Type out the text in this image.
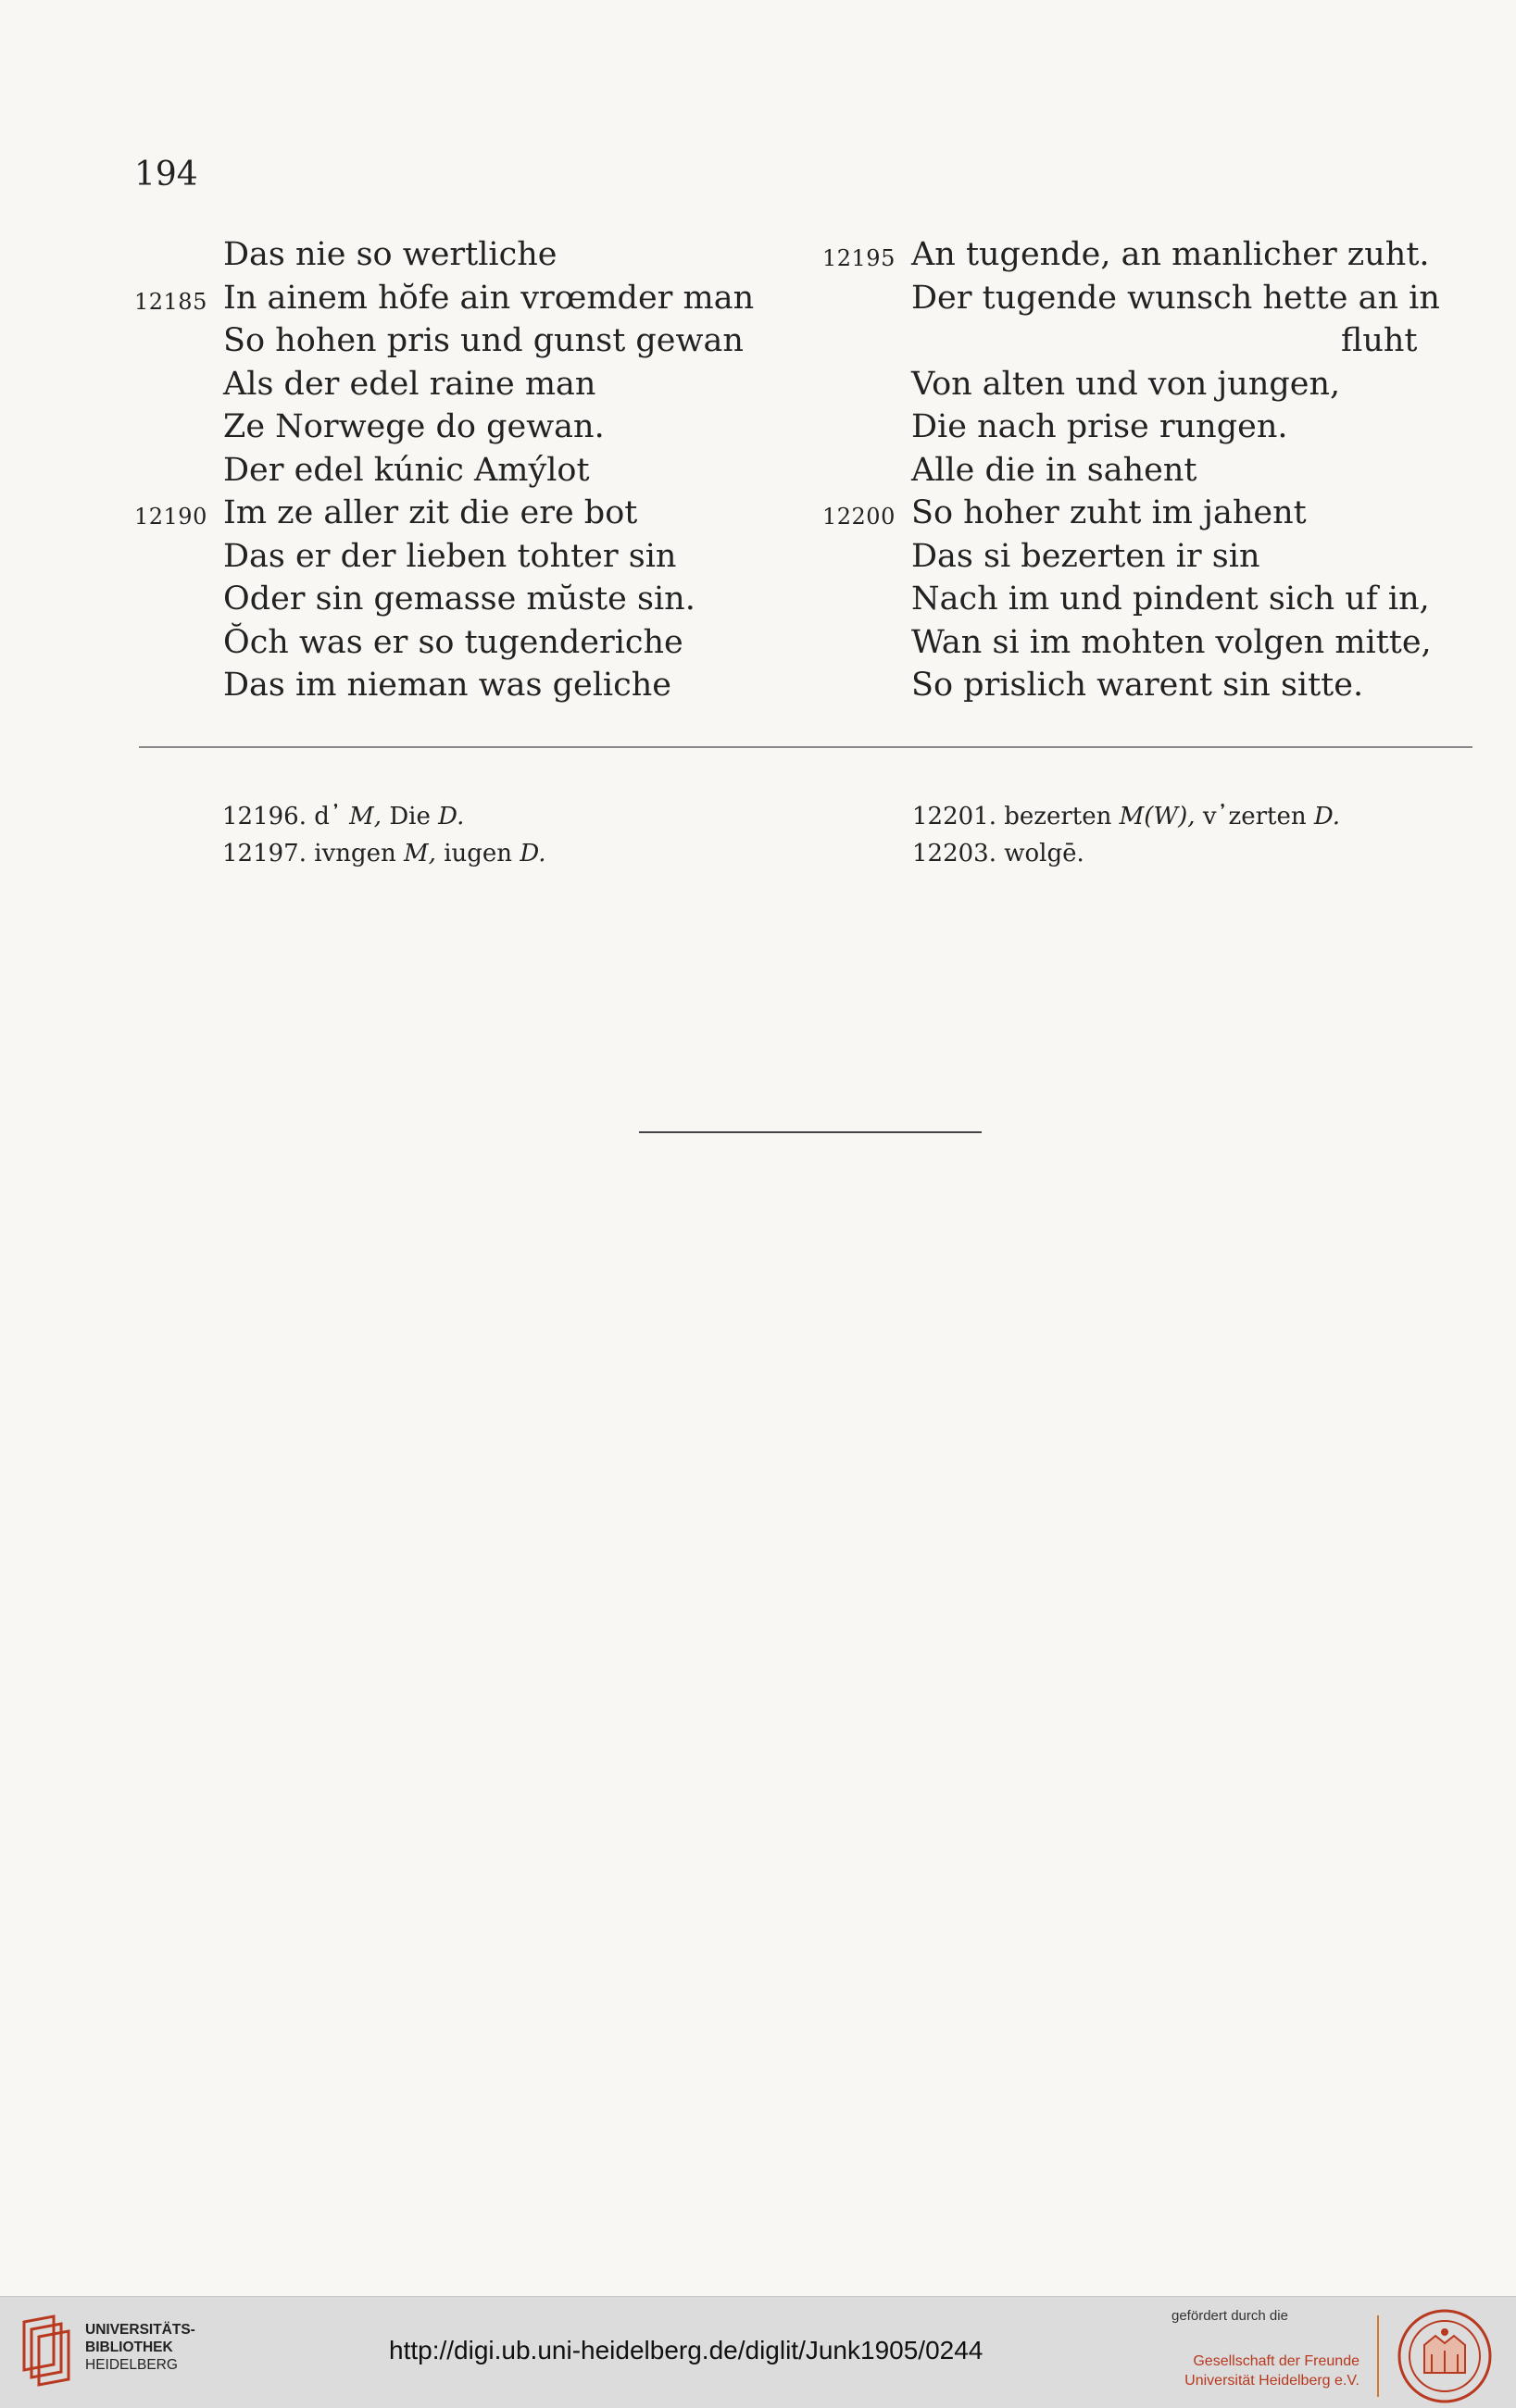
194
Das nie so wertliche
12185 In ainem hŏfe ain vrœmder man
So hohen pris und gunst gewan
Als der edel raine man
Ze Norwege do gewan.
Der edel kúnic Amýlot
12190 Im ze aller zit die ere bot
Das er der lieben tohter sin
Oder sin gemasse mŭste sin.
Ŏch was er so tugenderiche
Das im nieman was geliche
12195 An tugende, an manlicher zuht.
Der tugende wunsch hette an in
fluht
Von alten und von jungen,
Die nach prise rungen.
Alle die in sahent
12200 So hoher zuht im jahent
Das si bezerten ir sin
Nach im und pindent sich uf in,
Wan si im mohten volgen mitte,
So prislich warent sin sitte.
12196. d᾽ M, Die D.
12197. ivngen M, iugen D.
12201. bezerten M(W), v᾽zerten D.
12203. wolgē.
UNIVERSITÄTS-
BIBLIOTHEK
HEIDELBERG
http://digi.ub.uni-heidelberg.de/diglit/Junk1905/0244
gefördert durch die
Gesellschaft der Freunde
Universität Heidelberg e.V.
